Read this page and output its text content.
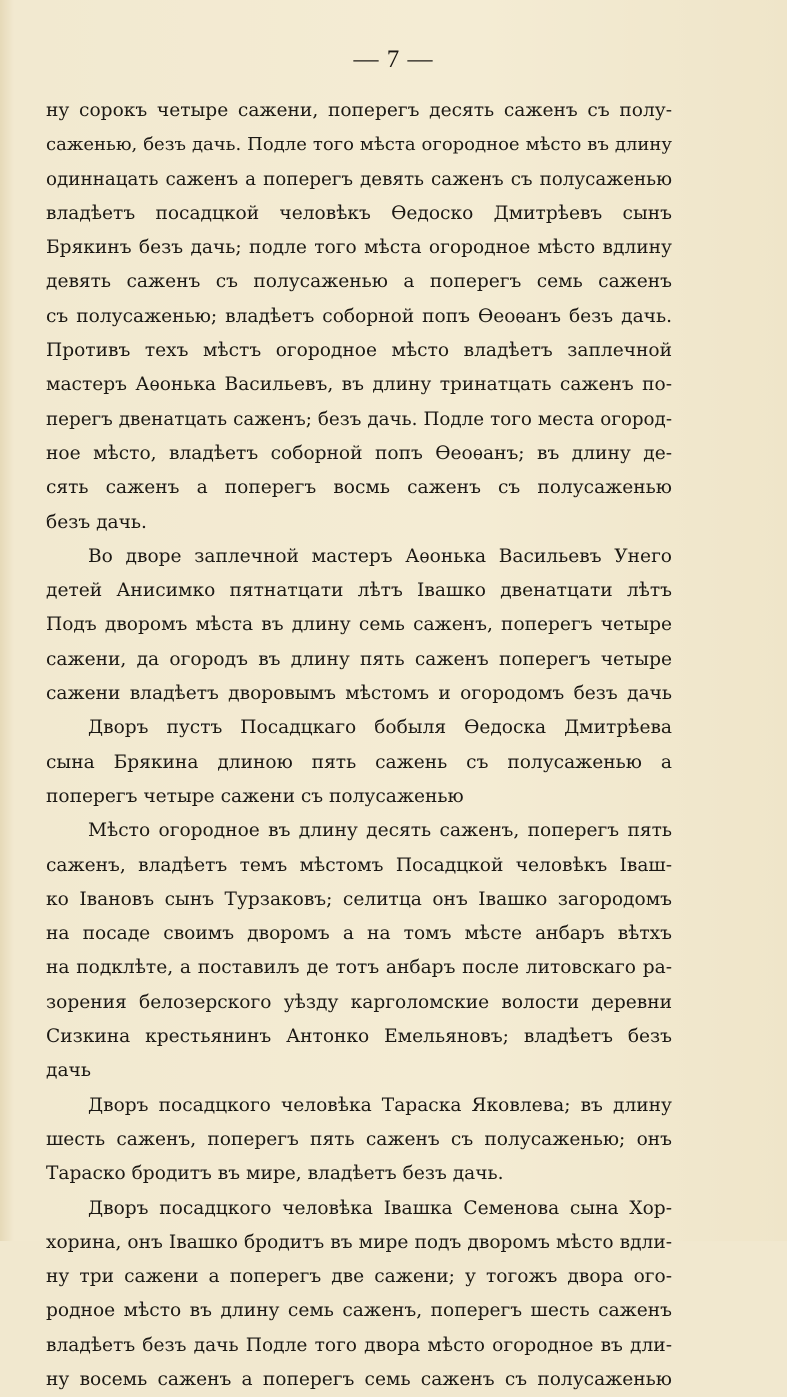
— 7 —
ну сорокъ четыре сажени, поперегъ десять саженъ съ полу-
саженью, безъ дачь. Подле того мѣста огородное мѣсто въ длину
одиннацать саженъ а поперегъ девять саженъ съ полусаженью
владѣетъ посадцкой человѣкъ Ѳедоско Дмитрѣевъ сынъ
Брякинъ безъ дачь; подле того мѣста огородное мѣсто вдлину
девять саженъ съ полусаженью а поперегъ семь саженъ
съ полусаженью; владѣетъ соборной попъ Ѳеоѳанъ безъ дачь.
Противъ техъ мѣстъ огородное мѣсто владѣетъ заплечной
мастеръ Аѳонька Васильевъ, въ длину тринатцать саженъ по-
перегъ двенатцать саженъ; безъ дачь. Подле того места огород-
ное мѣсто, владѣетъ соборной попъ Ѳеоѳанъ; въ длину де-
сять саженъ а поперегъ восмь саженъ съ полусаженью
безъ дачь.
Во дворе заплечной мастеръ Аѳонька Васильевъ Унего
детей Анисимко пятнатцати лѣтъ Івашко двенатцати лѣтъ
Подъ дворомъ мѣста въ длину семь саженъ, поперегъ четыре
сажени, да огородъ въ длину пять саженъ поперегъ четыре
сажени владѣетъ дворовымъ мѣстомъ и огородомъ безъ дачь
Дворъ пустъ Посадцкаго бобыля Ѳедоска Дмитрѣева
сына Брякина длиною пять сажень съ полусаженью а
поперегъ четыре сажени съ полусаженью
Мѣсто огородное въ длину десять саженъ, поперегъ пять
саженъ, владѣетъ темъ мѣстомъ Посадцкой человѣкъ Іваш-
ко Івановъ сынъ Турзаковъ; селитца онъ Івашко загородомъ
на посаде своимъ дворомъ а на томъ мѣсте анбаръ вѣтхъ
на подклѣте, а поставилъ де тотъ анбаръ после литовскаго ра-
зорения белозерского уѣзду карголомские волости деревни
Сизкина крестьянинъ Антонко Емельяновъ; владѣетъ безъ
дачь
Дворъ посадцкого человѣка Тараска Яковлева; въ длину
шесть саженъ, поперегъ пять саженъ съ полусаженью; онъ
Тараско бродитъ въ мире, владѣетъ безъ дачь.
Дворъ посадцкого человѣка Івашка Семенова сына Хор-
хорина, онъ Івашко бродитъ въ мире подъ дворомъ мѣсто вдли-
ну три сажени а поперегъ две сажени; у тогожъ двора ого-
родное мѣсто въ длину семь саженъ, поперегъ шесть саженъ
владѣетъ безъ дачь Подле того двора мѣсто огородное въ дли-
ну восемь саженъ а поперегъ семь саженъ съ полусаженью
